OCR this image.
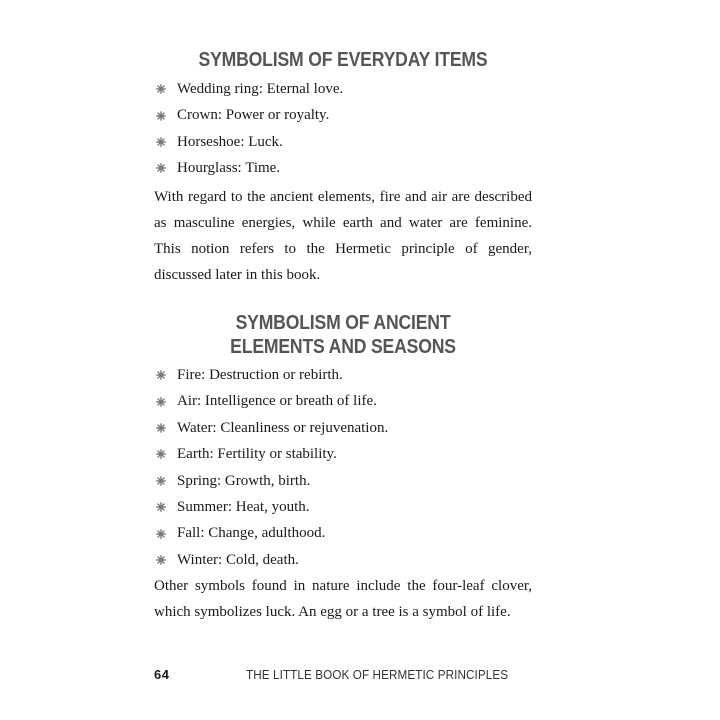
SYMBOLISM OF EVERYDAY ITEMS
Wedding ring: Eternal love.
Crown: Power or royalty.
Horseshoe: Luck.
Hourglass: Time.

With regard to the ancient elements, fire and air are described as masculine energies, while earth and water are feminine. This notion refers to the Hermetic principle of gender, discussed later in this book.

SYMBOLISM OF ANCIENT
ELEMENTS AND SEASONS
Fire: Destruction or rebirth.
Air: Intelligence or breath of life.
Water: Cleanliness or rejuvenation.
Earth: Fertility or stability.
Spring: Growth, birth.
Summer: Heat, youth.
Fall: Change, adulthood.
Winter: Cold, death.

Other symbols found in nature include the four-leaf clover, which symbolizes luck. An egg or a tree is a symbol of life.

64	THE LITTLE BOOK OF HERMETIC PRINCIPLES
